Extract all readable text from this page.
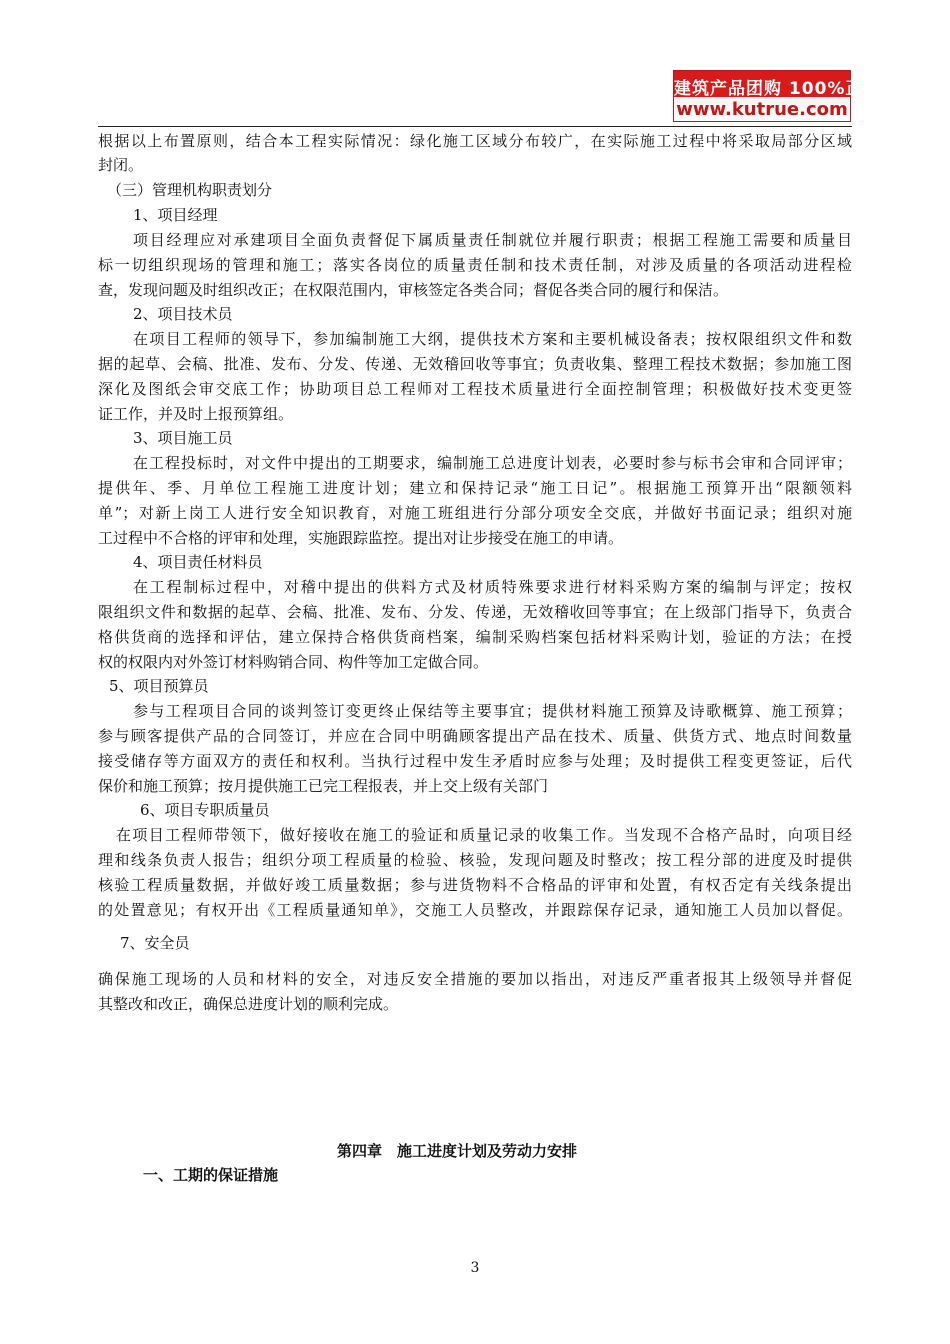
建筑产品团购 100%正品
www.kutrue.com
根据以上布置原则，结合本工程实际情况：绿化施工区域分布较广，在实际施工过程中将采取局部分区域
封闭。
（三）管理机构职责划分
1、项目经理
项目经理应对承建项目全面负责督促下属质量责任制就位并履行职责；根据工程施工需要和质量目
标一切组织现场的管理和施工；落实各岗位的质量责任制和技术责任制，对涉及质量的各项活动进程检
查，发现问题及时组织改正；在权限范围内，审核签定各类合同；督促各类合同的履行和保洁。
2、项目技术员
在项目工程师的领导下，参加编制施工大纲，提供技术方案和主要机械设备表；按权限组织文件和数
据的起草、会稿、批准、发布、分发、传递、无效稽回收等事宜；负责收集、整理工程技术数据；参加施工图
深化及图纸会审交底工作；协助项目总工程师对工程技术质量进行全面控制管理；积极做好技术变更签
证工作，并及时上报预算组。
3、项目施工员
在工程投标时，对文件中提出的工期要求，编制施工总进度计划表，必要时参与标书会审和合同评审；
提供年、季、月单位工程施工进度计划；建立和保持记录“施工日记”。根据施工预算开出“限额领料
单”；对新上岗工人进行安全知识教育，对施工班组进行分部分项安全交底，并做好书面记录；组织对施
工过程中不合格的评审和处理，实施跟踪监控。提出对让步接受在施工的申请。
4、项目责任材料员
在工程制标过程中，对稽中提出的供料方式及材质特殊要求进行材料采购方案的编制与评定；按权
限组织文件和数据的起草、会稿、批准、发布、分发、传递，无效稽收回等事宜；在上级部门指导下，负责合
格供货商的选择和评估，建立保持合格供货商档案，编制采购档案包括材料采购计划，验证的方法；在授
权的权限内对外签订材料购销合同、构件等加工定做合同。
5、项目预算员
参与工程项目合同的谈判签订变更终止保结等主要事宜；提供材料施工预算及诗歌概算、施工预算；
参与顾客提供产品的合同签订，并应在合同中明确顾客提出产品在技术、质量、供货方式、地点时间数量
接受储存等方面双方的责任和权利。当执行过程中发生矛盾时应参与处理；及时提供工程变更签证，后代
保价和施工预算；按月提供施工已完工程报表，并上交上级有关部门
6、项目专职质量员
在项目工程师带领下，做好接收在施工的验证和质量记录的收集工作。当发现不合格产品时，向项目经
理和线条负责人报告；组织分项工程质量的检验、核验，发现问题及时整改；按工程分部的进度及时提供
核验工程质量数据，并做好竣工质量数据；参与进货物料不合格品的评审和处置，有权否定有关线条提出
的处置意见；有权开出《工程质量通知单》，交施工人员整改，并跟踪保存记录，通知施工人员加以督促。
7、安全员
确保施工现场的人员和材料的安全，对违反安全措施的要加以指出，对违反严重者报其上级领导并督促
其整改和改正，确保总进度计划的顺利完成。
第四章　施工进度计划及劳动力安排
一、工期的保证措施
3
